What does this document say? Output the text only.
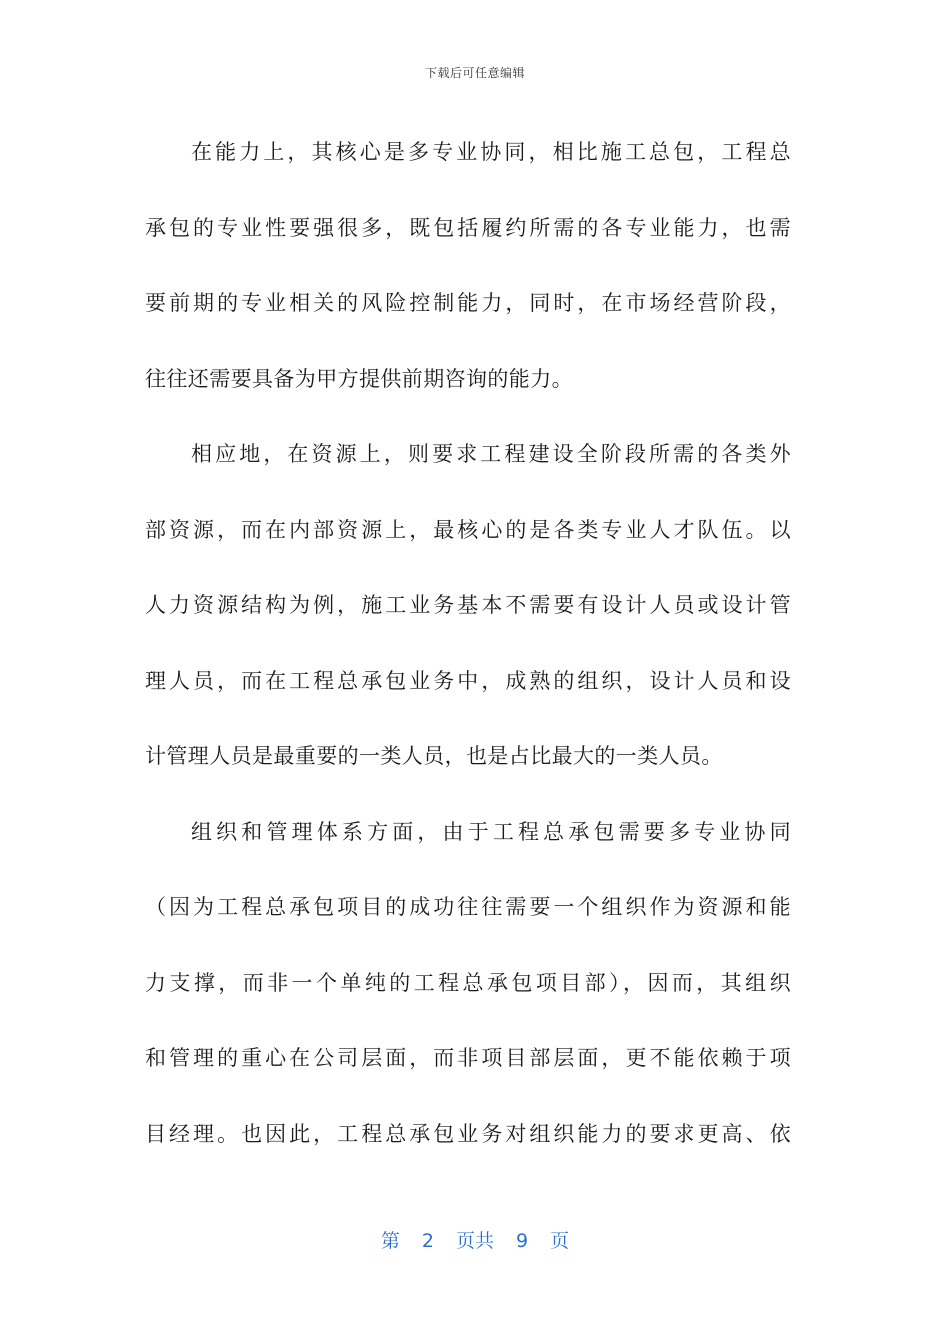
下载后可任意编辑
在能力上，其核心是多专业协同，相比施工总包，工程总
承包的专业性要强很多，既包括履约所需的各专业能力，也需
要前期的专业相关的风险控制能力，同时，在市场经营阶段，
往往还需要具备为甲方提供前期咨询的能力。
相应地，在资源上，则要求工程建设全阶段所需的各类外
部资源，而在内部资源上，最核心的是各类专业人才队伍。以
人力资源结构为例，施工业务基本不需要有设计人员或设计管
理人员，而在工程总承包业务中，成熟的组织，设计人员和设
计管理人员是最重要的一类人员，也是占比最大的一类人员。
组织和管理体系方面，由于工程总承包需要多专业协同
（因为工程总承包项目的成功往往需要一个组织作为资源和能
力支撑，而非一个单纯的工程总承包项目部），因而，其组织
和管理的重心在公司层面，而非项目部层面，更不能依赖于项
目经理。也因此，工程总承包业务对组织能力的要求更高、依
第 2 页共 9 页
